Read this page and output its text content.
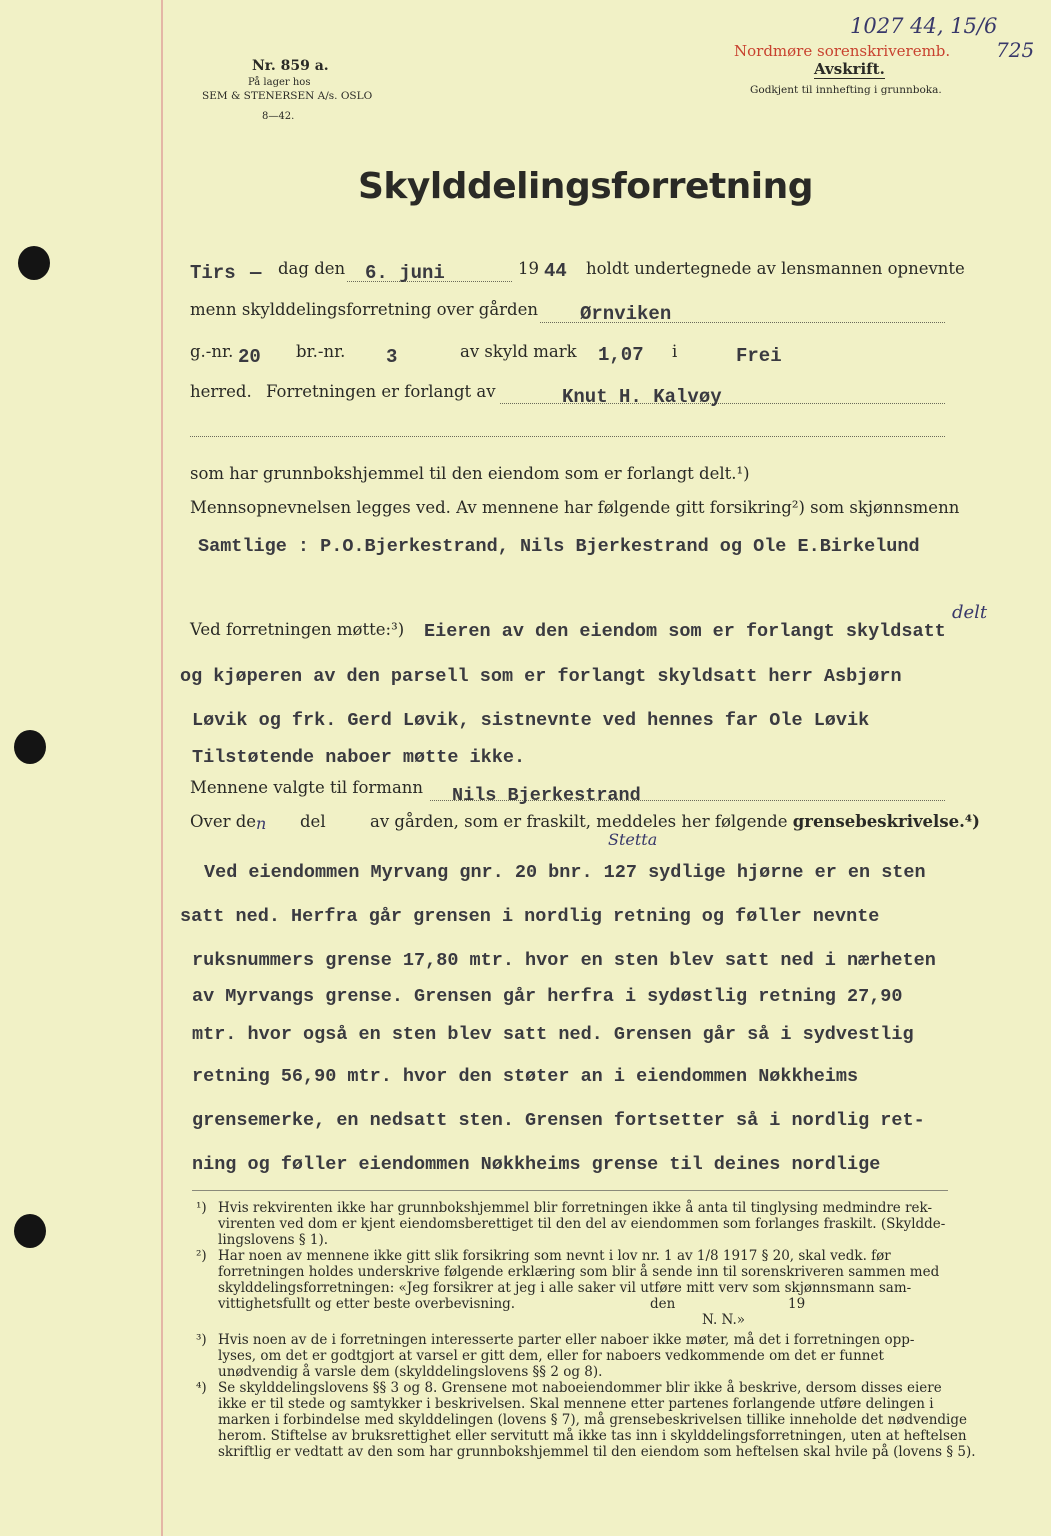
Nr. 859 a.
På lager hos
SEM & STENERSEN A/s. OSLO
8—42.
1027 44, 15/6
Nordmøre sorenskriveremb. 725
Avskrift.
Godkjent til innhefting i grunnboka.
Skylddelingsforretning
Tirs — dag den 6. juni	19 44 holdt undertegnede av lensmannen opnevnte
menn skylddelingsforretning over gården Ørnviken
g.-nr. 20 br.-nr. 3	av skyld mark 1,07 i	Frei
herred. Forretningen er forlangt av	Knut H. Kalvøy
som har grunnbokshjemmel til den eiendom som er forlangt delt.¹)
Mennsopnevnelsen legges ved. Av mennene har følgende gitt forsikring²) som skjønnsmenn
Samtlige : P.O.Bjerkestrand, Nils Bjerkestrand og Ole E.Birkelund
delt
Ved forretningen møtte:³) Eieren av den eiendom som er forlangt skyldsatt
og kjøperen av den parsell som er forlangt skyldsatt herr Asbjørn
Løvik og frk. Gerd Løvik, sistnevnte ved hennes far Ole Løvik
Tilstøtende naboer møtte ikke.
Mennene valgte til formann Nils Bjerkestrand
Stetta
Over de n del	av gården, som er fraskilt, meddeles her følgende grensebeskrivelse.⁴)
Ved eiendommen Myrvang gnr. 20 bnr. 127 sydlige hjørne er en sten
satt ned. Herfra går grensen i nordlig retning og føller nevnte
ruksnummers grense 17,80 mtr. hvor en sten blev satt ned i nærheten
av Myrvangs grense. Grensen går herfra i sydøstlig retning 27,90
mtr. hvor også en sten blev satt ned. Grensen går så i sydvestlig
retning 56,90 mtr. hvor den støter an i eiendommen Nøkkheims
grensemerke, en nedsatt sten. Grensen fortsetter så i nordlig ret-
ning og føller eiendommen Nøkkheims grense til deines nordlige
¹) Hvis rekvirenten ikke har grunnbokshjemmel blir forretningen ikke å anta til tinglysing medmindre rek-
virenten ved dom er kjent eiendomsberettiget til den del av eiendommen som forlanges fraskilt. (Skyldde-
lingslovens § 1).
²) Har noen av mennene ikke gitt slik forsikring som nevnt i lov nr. 1 av 1/8 1917 § 20, skal vedk. før
forretningen holdes underskrive følgende erklæring som blir å sende inn til sorenskriveren sammen med
skylddelingsforretningen: «Jeg forsikrer at jeg i alle saker vil utføre mitt verv som skjønnsmann sam-
vittighetsfullt og etter beste overbevisning.	den	19
N. N.»
³) Hvis noen av de i forretningen interesserte parter eller naboer ikke møter, må det i forretningen opp-
lyses, om det er godtgjort at varsel er gitt dem, eller for naboers vedkommende om det er funnet
unødvendig å varsle dem (skylddelingslovens §§ 2 og 8).
⁴) Se skylddelingslovens §§ 3 og 8. Grensene mot naboeiendommer blir ikke å beskrive, dersom disses eiere
ikke er til stede og samtykker i beskrivelsen. Skal mennene etter partenes forlangende utføre delingen i
marken i forbindelse med skylddelingen (lovens § 7), må grensebeskrivelsen tillike inneholde det nødvendige
herom. Stiftelse av bruksrettighet eller servitutt må ikke tas inn i skylddelingsforretningen, uten at heftelsen
skriftlig er vedtatt av den som har grunnbokshjemmel til den eiendom som heftelsen skal hvile på (lovens § 5).
